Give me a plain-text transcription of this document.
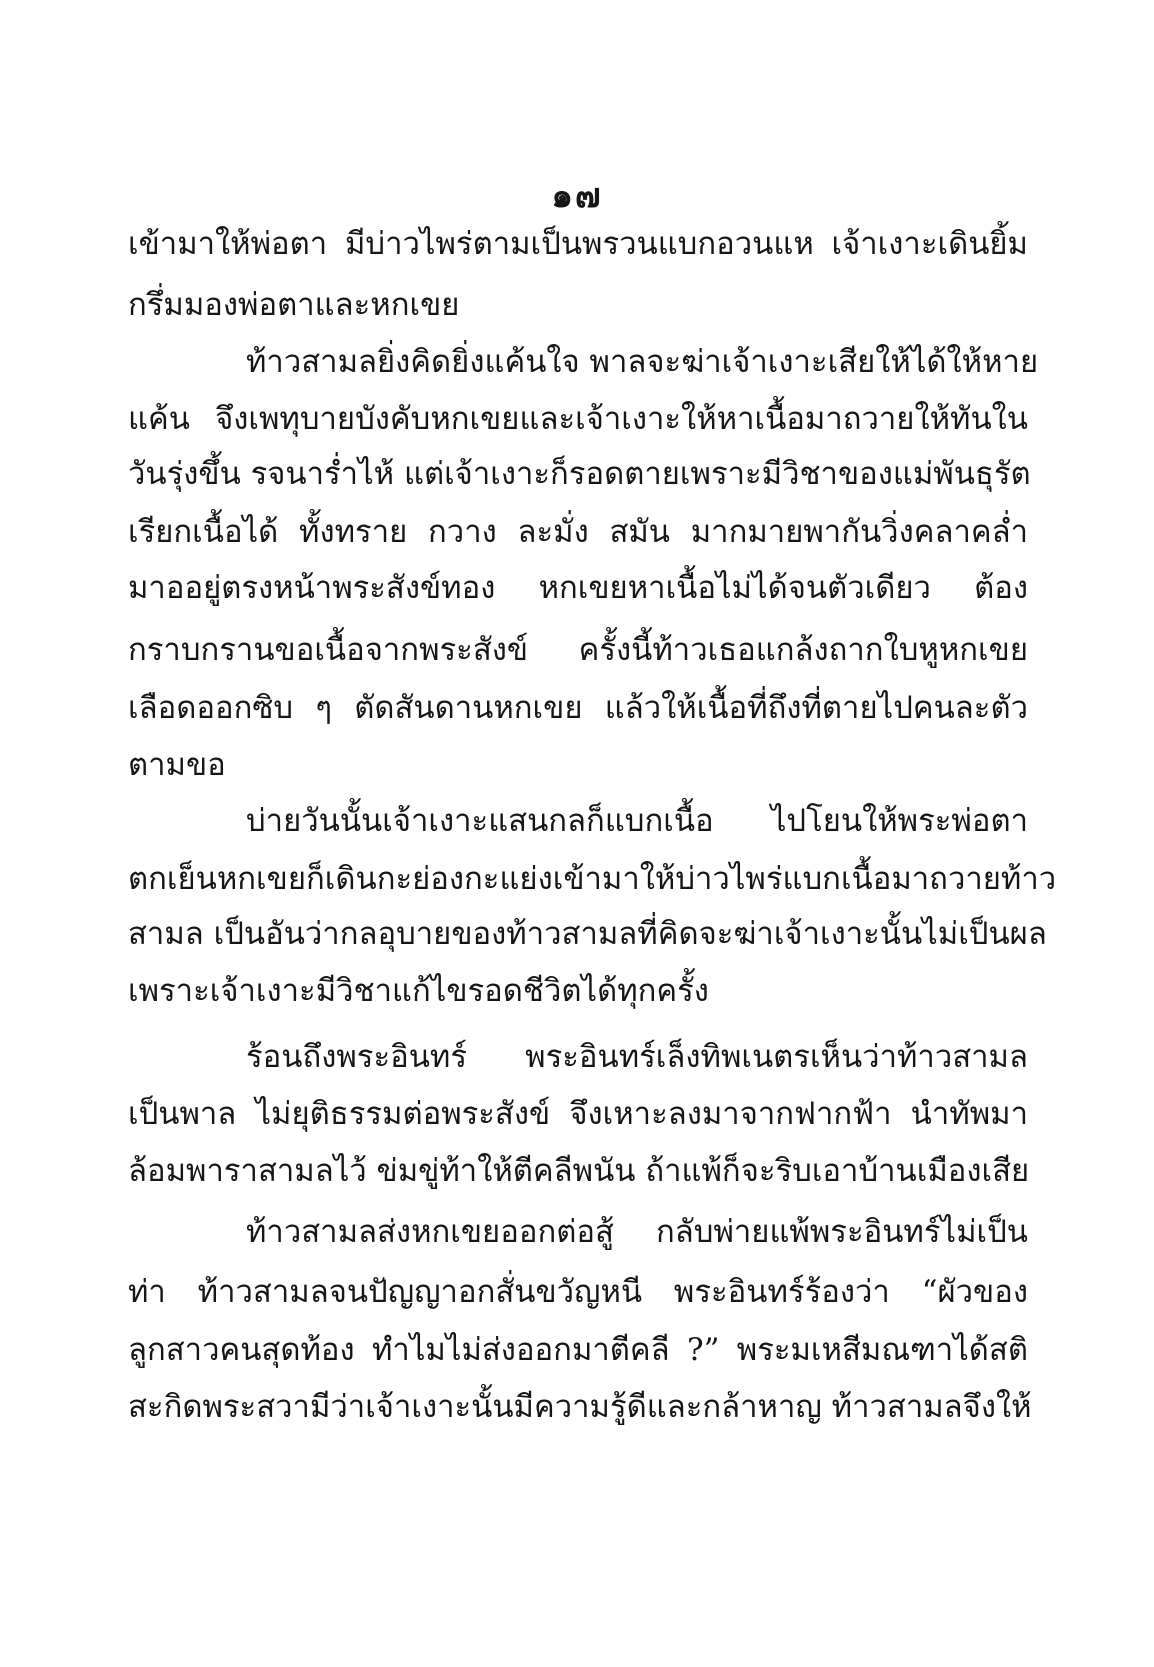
๑๗
เข้ามาให้พ่อตา มีบ่าวไพร่ตามเป็นพรวนแบกอวนแห เจ้าเงาะเดินยิ้ม
กรึ่มมองพ่อตาและหกเขย
ท้าวสามลยิ่งคิดยิ่งแค้นใจ พาลจะฆ่าเจ้าเงาะเสียให้ได้ให้หาย
แค้น จึงเพทุบายบังคับหกเขยและเจ้าเงาะให้หาเนื้อมาถวายให้ทันใน
วันรุ่งขึ้น รจนาร่ำไห้ แต่เจ้าเงาะก็รอดตายเพราะมีวิชาของแม่พันธุรัต
เรียกเนื้อได้ ทั้งทราย กวาง ละมั่ง สมัน มากมายพากันวิ่งคลาคล่ำ
มาออยู่ตรงหน้าพระสังข์ทอง หกเขยหาเนื้อไม่ได้จนตัวเดียว ต้อง
กราบกรานขอเนื้อจากพระสังข์ ครั้งนี้ท้าวเธอแกล้งถากใบหูหกเขย
เลือดออกซิบ ๆ ตัดสันดานหกเขย แล้วให้เนื้อที่ถึงที่ตายไปคนละตัว
ตามขอ
บ่ายวันนั้นเจ้าเงาะแสนกลก็แบกเนื้อ ไปโยนให้พระพ่อตา
ตกเย็นหกเขยก็เดินกะย่องกะแย่งเข้ามาให้บ่าวไพร่แบกเนื้อมาถวายท้าว
สามล เป็นอันว่ากลอุบายของท้าวสามลที่คิดจะฆ่าเจ้าเงาะนั้นไม่เป็นผล
เพราะเจ้าเงาะมีวิชาแก้ไขรอดชีวิตได้ทุกครั้ง
ร้อนถึงพระอินทร์ พระอินทร์เล็งทิพเนตรเห็นว่าท้าวสามล
เป็นพาล ไม่ยุติธรรมต่อพระสังข์ จึงเหาะลงมาจากฟากฟ้า นำทัพมา
ล้อมพาราสามลไว้ ข่มขู่ท้าให้ตีคลีพนัน ถ้าแพ้ก็จะริบเอาบ้านเมืองเสีย
ท้าวสามลส่งหกเขยออกต่อสู้ กลับพ่ายแพ้พระอินทร์ไม่เป็น
ท่า ท้าวสามลจนปัญญาอกสั่นขวัญหนี พระอินทร์ร้องว่า “ผัวของ
ลูกสาวคนสุดท้อง ทำไมไม่ส่งออกมาตีคลี ?” พระมเหสีมณฑาได้สติ
สะกิดพระสวามีว่าเจ้าเงาะนั้นมีความรู้ดีและกล้าหาญ ท้าวสามลจึงให้
